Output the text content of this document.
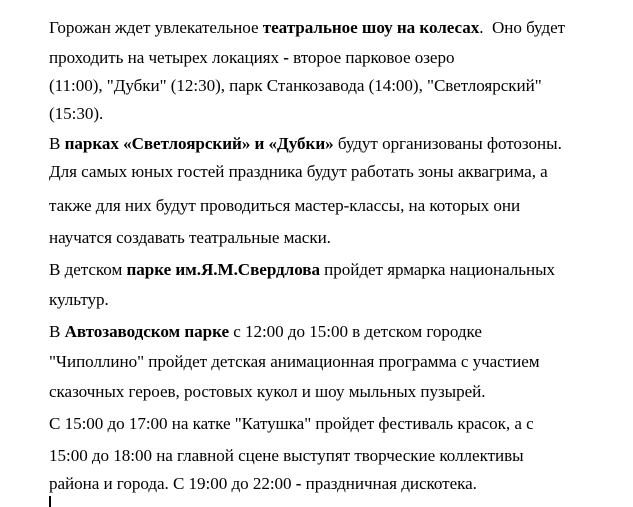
Горожан ждет увлекательное театральное шоу на колесах.  Оно будет
проходить на четырех локациях - второе парковое озеро
(11:00), "Дубки" (12:30), парк Станкозавода (14:00), "Светлоярский"
(15:30).
В парках «Светлоярский» и «Дубки» будут организованы фотозоны.
Для самых юных гостей праздника будут работать зоны аквагрима, а
также для них будут проводиться мастер-классы, на которых они
научатся создавать театральные маски.
В детском парке им.Я.М.Свердлова пройдет ярмарка национальных
культур.
В Автозаводском парке с 12:00 до 15:00 в детском городке
"Чиполлино" пройдет детская анимационная программа с участием
сказочных героев, ростовых кукол и шоу мыльных пузырей.
С 15:00 до 17:00 на катке "Катушка" пройдет фестиваль красок, а с
15:00 до 18:00 на главной сцене выступят творческие коллективы
района и города. С 19:00 до 22:00 - праздничная дискотека.
